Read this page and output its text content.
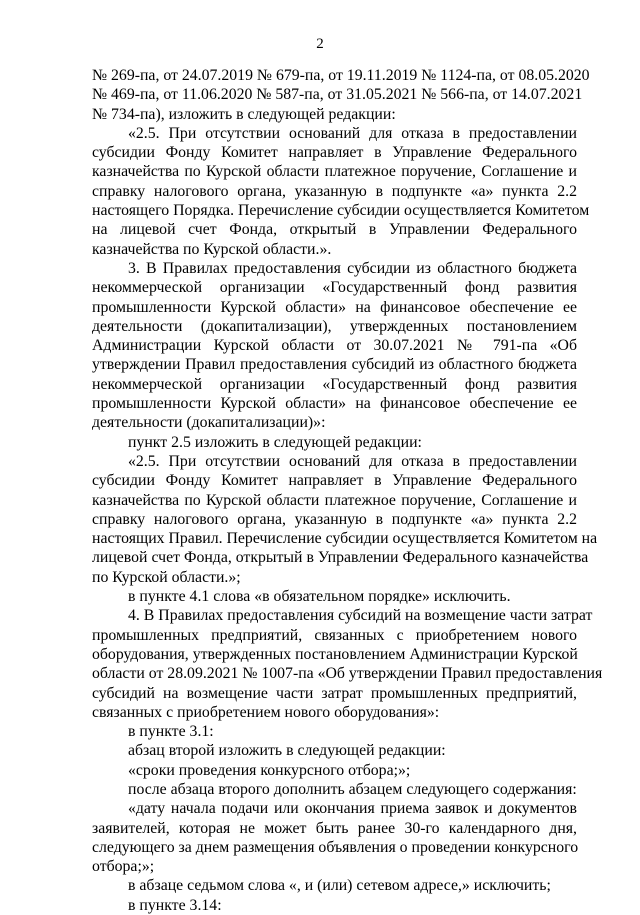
2
№ 269-па, от 24.07.2019 № 679-па, от 19.11.2019 № 1124-па, от 08.05.2020
№ 469-па, от 11.06.2020 № 587-па, от 31.05.2021 № 566-па, от 14.07.2021
№ 734-па), изложить в следующей редакции:
«2.5. При отсутствии оснований для отказа в предоставлении
субсидии Фонду Комитет направляет в Управление Федерального
казначейства по Курской области платежное поручение, Соглашение и
справку налогового органа, указанную в подпункте «а» пункта 2.2
настоящего Порядка. Перечисление субсидии осуществляется Комитетом
на лицевой счет Фонда, открытый в Управлении Федерального
казначейства по Курской области.».
3. В Правилах предоставления субсидии из областного бюджета
некоммерческой организации «Государственный фонд развития
промышленности Курской области» на финансовое обеспечение ее
деятельности (докапитализации), утвержденных постановлением
Администрации Курской области от 30.07.2021 № 791-па «Об
утверждении Правил предоставления субсидий из областного бюджета
некоммерческой организации «Государственный фонд развития
промышленности Курской области» на финансовое обеспечение ее
деятельности (докапитализации)»:
пункт 2.5 изложить в следующей редакции:
«2.5. При отсутствии оснований для отказа в предоставлении
субсидии Фонду Комитет направляет в Управление Федерального
казначейства по Курской области платежное поручение, Соглашение и
справку налогового органа, указанную в подпункте «а» пункта 2.2
настоящих Правил. Перечисление субсидии осуществляется Комитетом на
лицевой счет Фонда, открытый в Управлении Федерального казначейства
по Курской области.»;
в пункте 4.1 слова «в обязательном порядке» исключить.
4. В Правилах предоставления субсидий на возмещение части затрат
промышленных предприятий, связанных с приобретением нового
оборудования, утвержденных постановлением Администрации Курской
области от 28.09.2021 № 1007-па «Об утверждении Правил предоставления
субсидий на возмещение части затрат промышленных предприятий,
связанных с приобретением нового оборудования»:
в пункте 3.1:
абзац второй изложить в следующей редакции:
«сроки проведения конкурсного отбора;»;
после абзаца второго дополнить абзацем следующего содержания:
«дату начала подачи или окончания приема заявок и документов
заявителей, которая не может быть ранее 30-го календарного дня,
следующего за днем размещения объявления о проведении конкурсного
отбора;»;
в абзаце седьмом слова «, и (или) сетевом адресе,» исключить;
в пункте 3.14:
